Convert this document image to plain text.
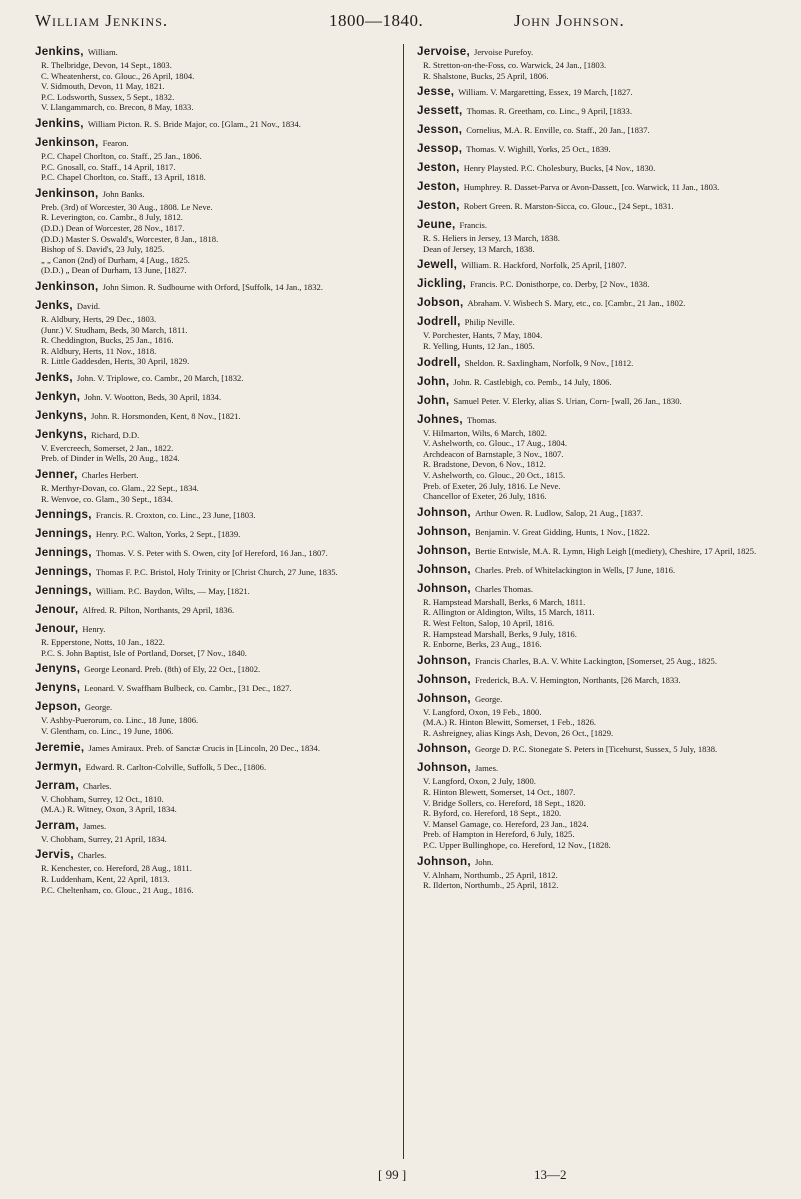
William Jenkins.	1800—1840.	John Johnson.
Jenkins, William.
R. Thelbridge, Devon, 14 Sept., 1803.
C. Wheatenherst, co. Glouc., 26 April, 1804.
V. Sidmouth, Devon, 11 May, 1821.
P.C. Lodsworth, Sussex, 5 Sept., 1832.
V. Llangammarch, co. Brecon, 8 May, 1833.
Jenkins, William Picton. R. S. Bride Major, co. [Glam., 21 Nov., 1834.
Jenkinson, Fearon.
P.C. Chapel Chorlton, co. Staff., 25 Jan., 1806.
P.C. Gnosall, co. Staff., 14 April, 1817.
P.C. Chapel Chorlton, co. Staff., 13 April, 1818.
Jenkinson, John Banks.
Preb. (3rd) of Worcester, 30 Aug., 1808. Le Neve.
R. Leverington, co. Cambr., 8 July, 1812.
(D.D.) Dean of Worcester, 28 Nov., 1817.
(D.D.) Master S. Oswald's, Worcester, 8 Jan., 1818.
Bishop of S. David's, 23 July, 1825.
„ „ Canon (2nd) of Durham, 4 [Aug., 1825.
(D.D.) „ Dean of Durham, 13 June, [1827.
Jenkinson, John Simon. R. Sudbourne with Orford, [Suffolk, 14 Jan., 1832.
Jenks, David.
R. Aldbury, Herts, 29 Dec., 1803.
(Junr.) V. Studham, Beds, 30 March, 1811.
R. Cheddington, Bucks, 25 Jan., 1816.
R. Aldbury, Herts, 11 Nov., 1818.
R. Little Gaddesden, Herts, 30 April, 1829.
Jenks, John. V. Triplowe, co. Cambr., 20 March, [1832.
Jenkyn, John. V. Wootton, Beds, 30 April, 1834.
Jenkyns, John. R. Horsmonden, Kent, 8 Nov., [1821.
Jenkyns, Richard, D.D.
V. Evercreech, Somerset, 2 Jan., 1822.
Preb. of Dinder in Wells, 20 Aug., 1824.
Jenner, Charles Herbert.
R. Merthyr-Dovan, co. Glam., 22 Sept., 1834.
R. Wenvoe, co. Glam., 30 Sept., 1834.
Jennings, Francis. R. Croxton, co. Linc., 23 June, [1803.
Jennings, Henry. P.C. Walton, Yorks, 2 Sept., [1839.
Jennings, Thomas. V. S. Peter with S. Owen, city [of Hereford, 16 Jan., 1807.
Jennings, Thomas F. P.C. Bristol, Holy Trinity or [Christ Church, 27 June, 1835.
Jennings, William. P.C. Baydon, Wilts, — May, [1821.
Jenour, Alfred. R. Pilton, Northants, 29 April, 1836.
Jenour, Henry.
R. Epperstone, Notts, 10 Jan., 1822.
P.C. S. John Baptist, Isle of Portland, Dorset, [7 Nov., 1840.
Jenyns, George Leonard. Preb. (8th) of Ely, 22 Oct., [1802.
Jenyns, Leonard. V. Swaffham Bulbeck, co. Cambr., [31 Dec., 1827.
Jepson, George.
V. Ashby-Puerorum, co. Linc., 18 June, 1806.
V. Glentham, co. Linc., 19 June, 1806.
Jeremie, James Amiraux. Preb. of Sanctæ Crucis in [Lincoln, 20 Dec., 1834.
Jermyn, Edward. R. Carlton-Colville, Suffolk, 5 Dec., [1806.
Jerram, Charles.
V. Chobham, Surrey, 12 Oct., 1810.
(M.A.) R. Witney, Oxon, 3 April, 1834.
Jerram, James.
V. Chobham, Surrey, 21 April, 1834.
Jervis, Charles.
R. Kenchester, co. Hereford, 28 Aug., 1811.
R. Luddenham, Kent, 22 April, 1813.
P.C. Cheltenham, co. Glouc., 21 Aug., 1816.
Jervoise, Jervoise Purefoy.
R. Stretton-on-the-Foss, co. Warwick, 24 Jan., [1803.
R. Shalstone, Bucks, 25 April, 1806.
Jesse, William. V. Margaretting, Essex, 19 March, [1827.
Jessett, Thomas. R. Greetham, co. Linc., 9 April, [1833.
Jesson, Cornelius, M.A. R. Enville, co. Staff., 20 Jan., [1837.
Jessop, Thomas. V. Wighill, Yorks, 25 Oct., 1839.
Jeston, Henry Playsted. P.C. Cholesbury, Bucks, [4 Nov., 1830.
Jeston, Humphrey. R. Dasset-Parva or Avon-Dassett, [co. Warwick, 11 Jan., 1803.
Jeston, Robert Green. R. Marston-Sicca, co. Glouc., [24 Sept., 1831.
Jeune, Francis.
R. S. Heliers in Jersey, 13 March, 1838.
Dean of Jersey, 13 March, 1838.
Jewell, William. R. Hackford, Norfolk, 25 April, [1807.
Jickling, Francis. P.C. Donisthorpe, co. Derby, [2 Nov., 1838.
Jobson, Abraham. V. Wisbech S. Mary, etc., co. [Cambr., 21 Jan., 1802.
Jodrell, Philip Neville.
V. Porchester, Hants, 7 May, 1804.
R. Yelling, Hunts, 12 Jan., 1805.
Jodrell, Sheldon. R. Saxlingham, Norfolk, 9 Nov., [1812.
John, John. R. Castlebigh, co. Pemb., 14 July, 1806.
John, Samuel Peter. V. Elerky, alias S. Urian, Corn- [wall, 26 Jan., 1830.
Johnes, Thomas.
V. Hilmarton, Wilts, 6 March, 1802.
V. Ashelworth, co. Glouc., 17 Aug., 1804.
Archdeacon of Barnstaple, 3 Nov., 1807.
R. Bradstone, Devon, 6 Nov., 1812.
V. Ashelworth, co. Glouc., 20 Oct., 1815.
Preb. of Exeter, 26 July, 1816. Le Neve.
Chancellor of Exeter, 26 July, 1816.
Johnson, Arthur Owen. R. Ludlow, Salop, 21 Aug., [1837.
Johnson, Benjamin. V. Great Gidding, Hunts, 1 Nov., [1822.
Johnson, Bertie Entwisle, M.A. R. Lymn, High Leigh [(mediety), Cheshire, 17 April, 1825.
Johnson, Charles. Preb. of Whitelackington in Wells, [7 June, 1816.
Johnson, Charles Thomas.
R. Hampstead Marshall, Berks, 6 March, 1811.
R. Allington or Aldington, Wilts, 15 March, 1811.
R. West Felton, Salop, 10 April, 1816.
R. Hampstead Marshall, Berks, 9 July, 1816.
R. Enborne, Berks, 23 Aug., 1816.
Johnson, Francis Charles, B.A. V. White Lackington, [Somerset, 25 Aug., 1825.
Johnson, Frederick, B.A. V. Hemington, Northants, [26 March, 1833.
Johnson, George.
V. Langford, Oxon, 19 Feb., 1800.
(M.A.) R. Hinton Blewitt, Somerset, 1 Feb., 1826.
R. Ashreigney, alias Kings Ash, Devon, 26 Oct., [1829.
Johnson, George D. P.C. Stonegate S. Peters in [Ticehurst, Sussex, 5 July, 1838.
Johnson, James.
V. Langford, Oxon, 2 July, 1800.
R. Hinton Blewett, Somerset, 14 Oct., 1807.
V. Bridge Sollers, co. Hereford, 18 Sept., 1820.
R. Byford, co. Hereford, 18 Sept., 1820.
V. Mansel Gamage, co. Hereford, 23 Jan., 1824.
Preb. of Hampton in Hereford, 6 July, 1825.
P.C. Upper Bullinghope, co. Hereford, 12 Nov., [1828.
Johnson, John.
V. Alnham, Northumb., 25 April, 1812.
R. Ilderton, Northumb., 25 April, 1812.
[ 99 ]	13—2
